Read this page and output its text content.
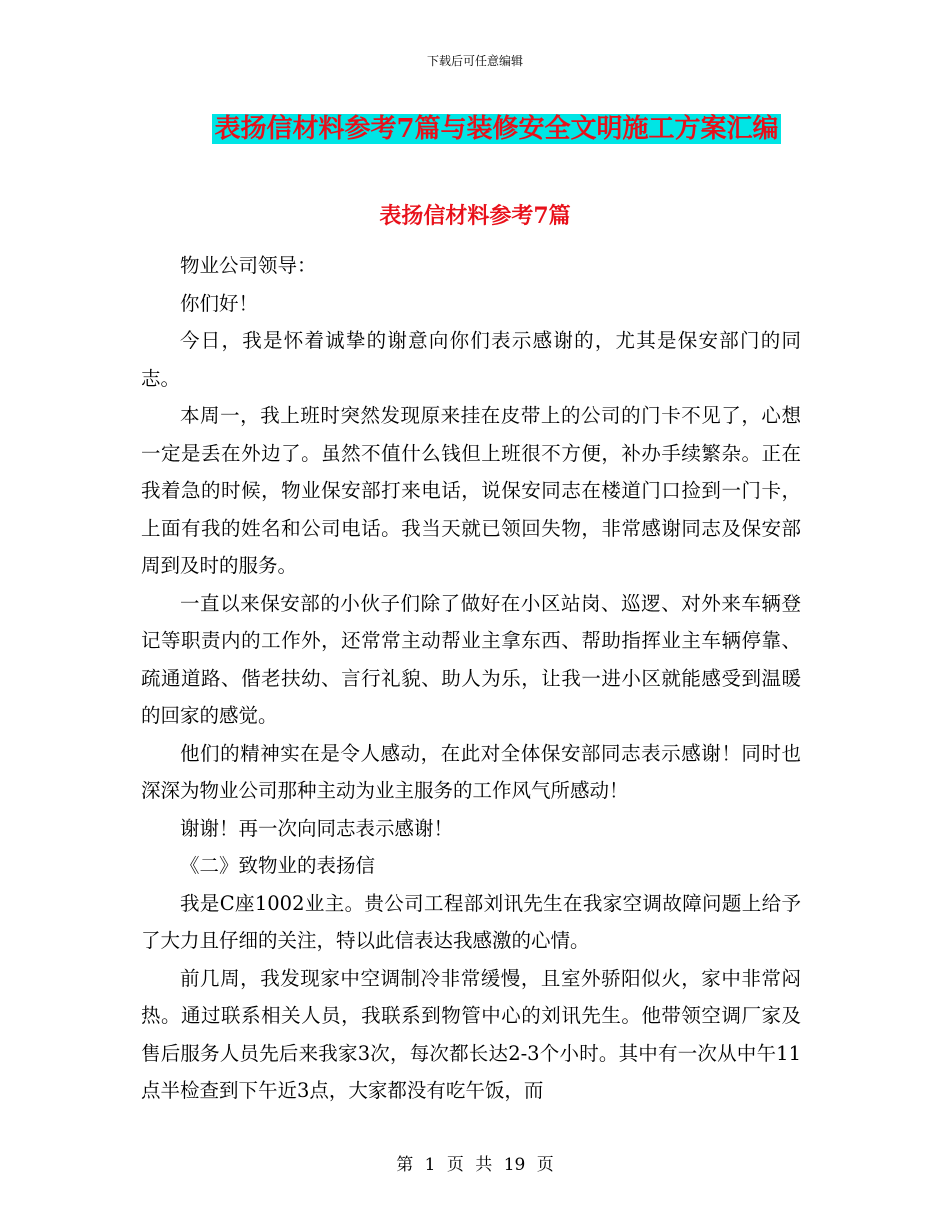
下载后可任意编辑
表扬信材料参考7篇与装修安全文明施工方案汇编
表扬信材料参考7篇

物业公司领导：

你们好！

今日，我是怀着诚挚的谢意向你们表示感谢的，尤其是保安部门的同志。

本周一，我上班时突然发现原来挂在皮带上的公司的门卡不见了，心想一定是丢在外边了。虽然不值什么钱但上班很不方便，补办手续繁杂。正在我着急的时候，物业保安部打来电话，说保安同志在楼道门口捡到一门卡，上面有我的姓名和公司电话。我当天就已领回失物，非常感谢同志及保安部周到及时的服务。

一直以来保安部的小伙子们除了做好在小区站岗、巡逻、对外来车辆登记等职责内的工作外，还常常主动帮业主拿东西、帮助指挥业主车辆停靠、疏通道路、偕老扶幼、言行礼貌、助人为乐，让我一进小区就能感受到温暖的回家的感觉。

他们的精神实在是令人感动，在此对全体保安部同志表示感谢！同时也深深为物业公司那种主动为业主服务的工作风气所感动！

谢谢！再一次向同志表示感谢！

《二》致物业的表扬信

我是C座1002业主。贵公司工程部刘讯先生在我家空调故障问题上给予了大力且仔细的关注，特以此信表达我感激的心情。

前几周，我发现家中空调制冷非常缓慢，且室外骄阳似火，家中非常闷热。通过联系相关人员，我联系到物管中心的刘讯先生。他带领空调厂家及售后服务人员先后来我家3次，每次都长达2-3个小时。其中有一次从中午11点半检查到下午近3点，大家都没有吃午饭，而

第 1 页 共 19 页
